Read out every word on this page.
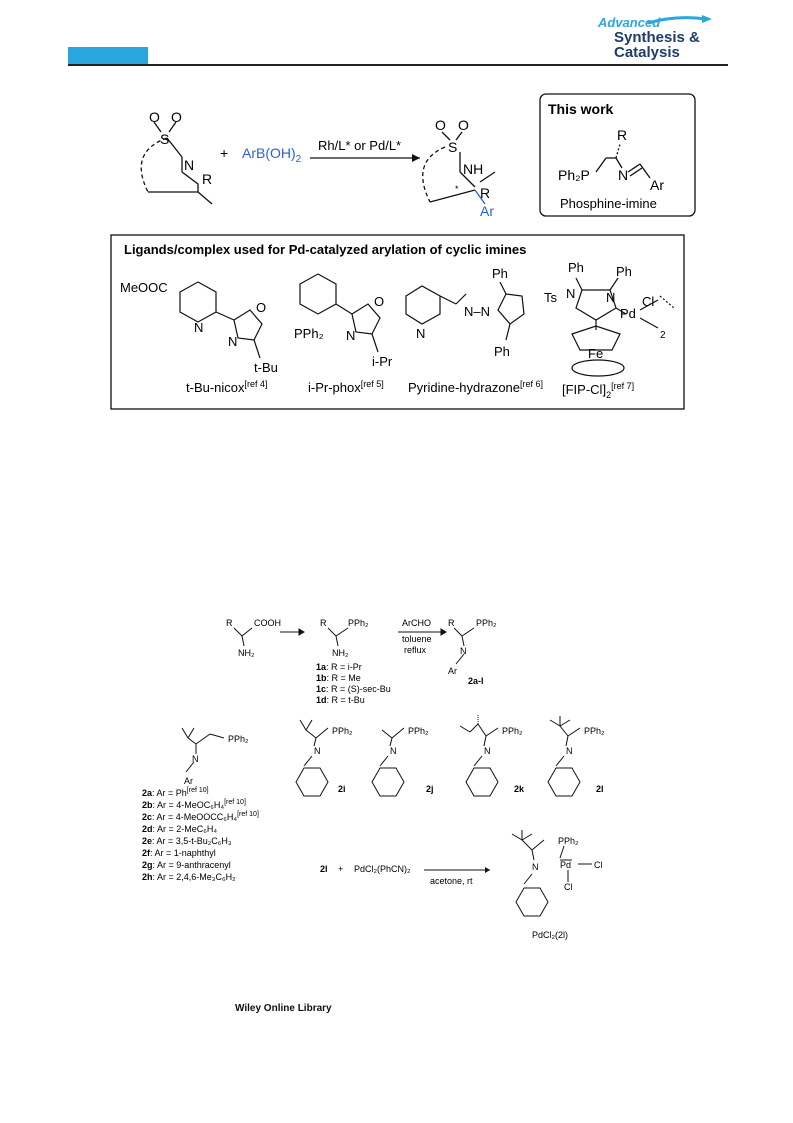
Advanced
Synthesis &
Catalysis
O O
S
N
R
+ $ArB(OH)_2$
Rh/L* or Pd/L*
O O
S
NH
* R
Ar
This work
R
Ph₂P N
Ar
Phosphine-imine
Ligands/complex used for Pd-catalyzed arylation of cyclic imines
MeOOC
N
N
O
t-Bu
t-Bu-nicox[ref 4]
PPh₂ N
O
i-Pr
i-Pr-phox[ref 5]
N
N–N
Ph
Ph
Pyridine-hydrazone[ref 6]
Ph Ph
Ts N N
Pd
Cl
2
Fe
$[FIP-Cl]_2[ref 7]$
R COOH
NH₂
R PPh₂
NH₂
1a: R = i-Pr
1b: R = Me
1c: R = (S)-sec-Bu
1d: R = t-Bu
ArCHO
toluene
reflux
R
N
PPh₂
Ar
2a-l
N
PPh₂
Ar
2a: Ar = Ph[ref 10]
2b: Ar = 4-MeOC₆H₄[ref 10]
2c: Ar = 4-MeOOCC₆H₄[ref 10]
2d: Ar = 2-MeC₆H₄
2e: Ar = 3,5-t-Bu₂C₆H₃
2f: Ar = 1-naphthyl
2g: Ar = 9-anthracenyl
2h: Ar = 2,4,6-Me₃C₆H₂
N
PPh₂
2i
N
PPh₂
2j
N
PPh₂
2k
N
PPh₂
2l
2l + PdCl₂(PhCN)₂
acetone, rt
PPh₂
N Pd	Cl
Cl
PdCl₂(2l)
Wiley Online Library
